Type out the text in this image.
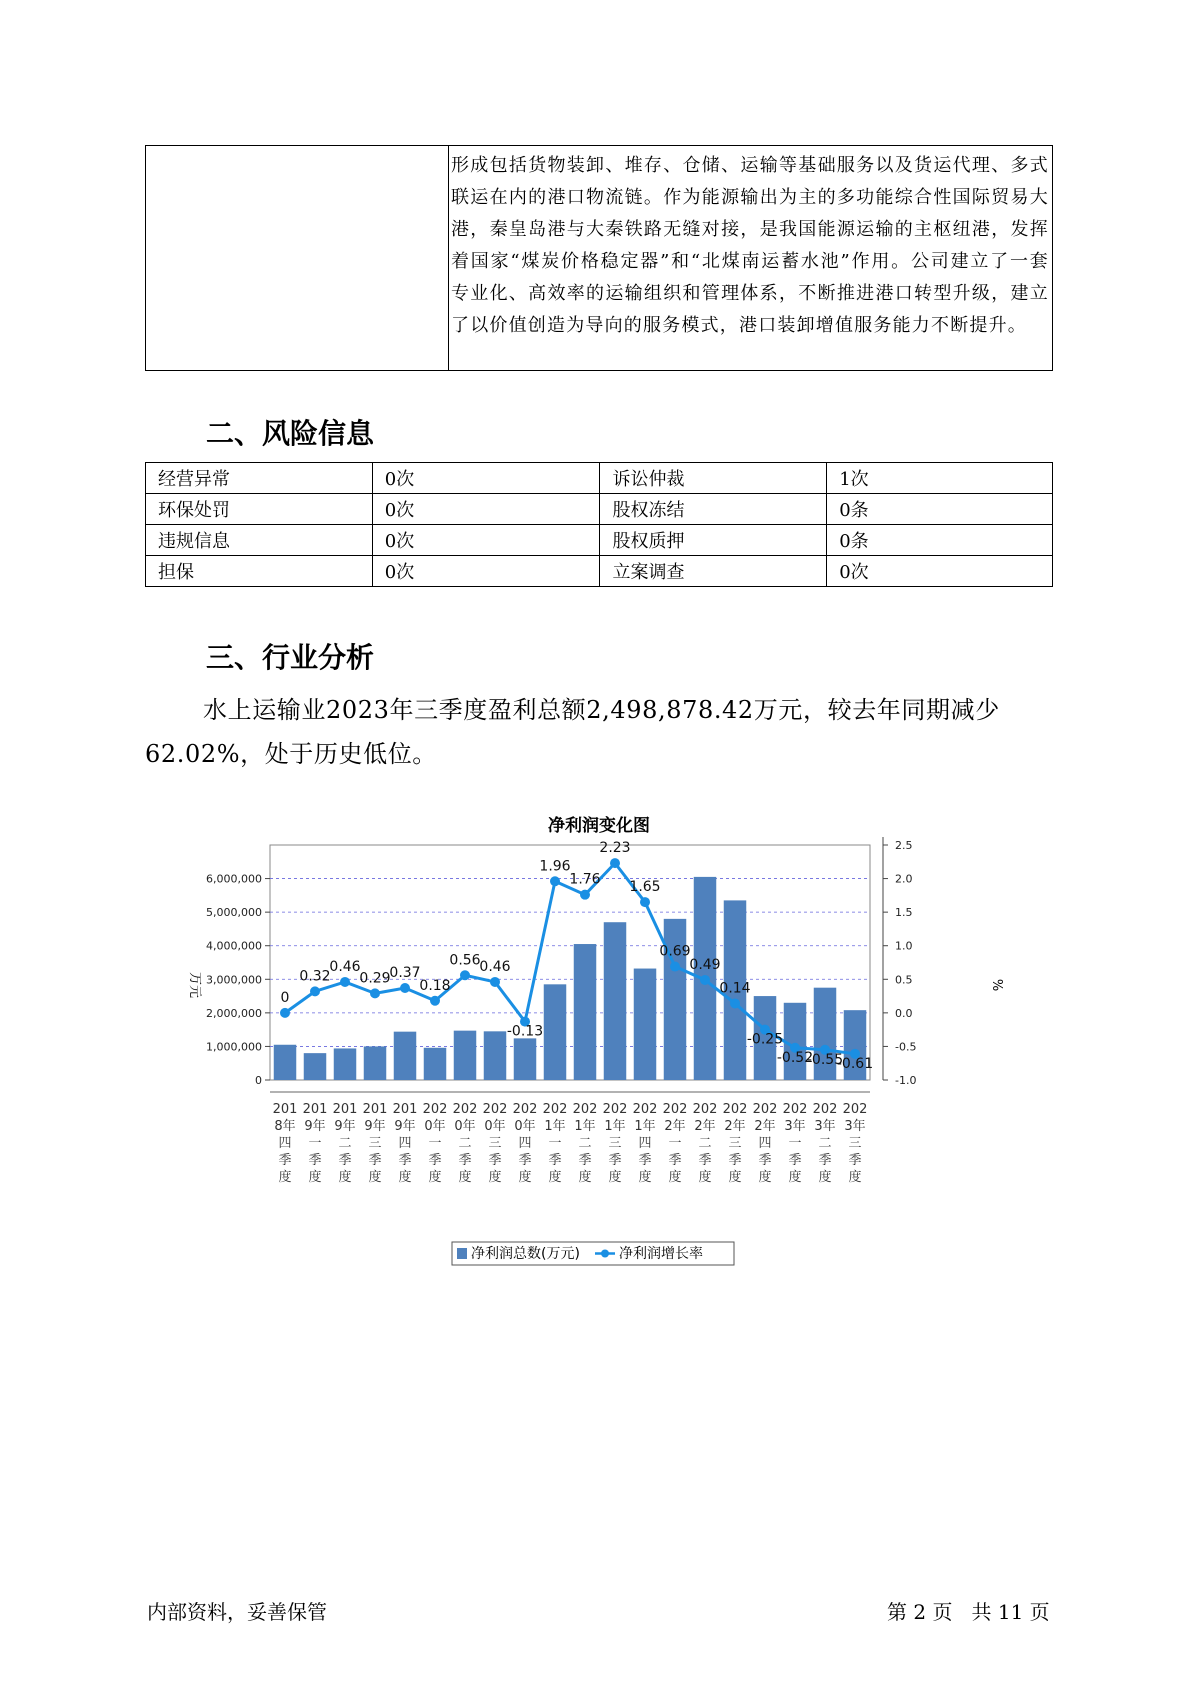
形成包括货物装卸、堆存、仓储、运输等基础服务以及货运代理、多式联运在内的港口物流链。作为能源输出为主的多功能综合性国际贸易大港，秦皇岛港与大秦铁路无缝对接，是我国能源运输的主枢纽港，发挥着国家“煤炭价格稳定器”和“北煤南运蓄水池”作用。公司建立了一套专业化、高效率的运输组织和管理体系，不断推进港口转型升级，建立了以价值创造为导向的服务模式，港口装卸增值服务能力不断提升。
二、风险信息
经营异常	0次	诉讼仲裁	1次
环保处罚	0次	股权冻结	0条
违规信息	0次	股权质押	0条
担保	0次	立案调查	0次
三、行业分析
水上运输业2023年三季度盈利总额2,498,878.42万元，较去年同期减少62.02%，处于历史低位。
净利润变化图
0
1,000,000
2,000,000
3,000,000
4,000,000
5,000,000
6,000,000
-1.0
-0.5
0.0
0.5
1.0
1.5
2.0
2.5
201
8年
四
季
度
201
9年
一
季
度
201
9年
二
季
度
201
9年
三
季
度
201
9年
四
季
度
202
0年
一
季
度
202
0年
二
季
度
202
0年
三
季
度
202
0年
四
季
度
202
1年
一
季
度
202
1年
二
季
度
202
1年
三
季
度
202
1年
四
季
度
202
2年
一
季
度
202
2年
二
季
度
202
2年
三
季
度
202
2年
四
季
度
202
3年
一
季
度
202
3年
二
季
度
202
3年
三
季
度
0
0.32
0.46
0.29
0.37
0.18
0.56
0.46
-0.13
1.96
1.76
2.23
1.65
0.69
0.49
0.14
-0.25
-0.52
-0.55
-0.61
万元	%
净利润总数(万元)	净利润增长率
内部资料，妥善保管	第 2 页   共 11 页
